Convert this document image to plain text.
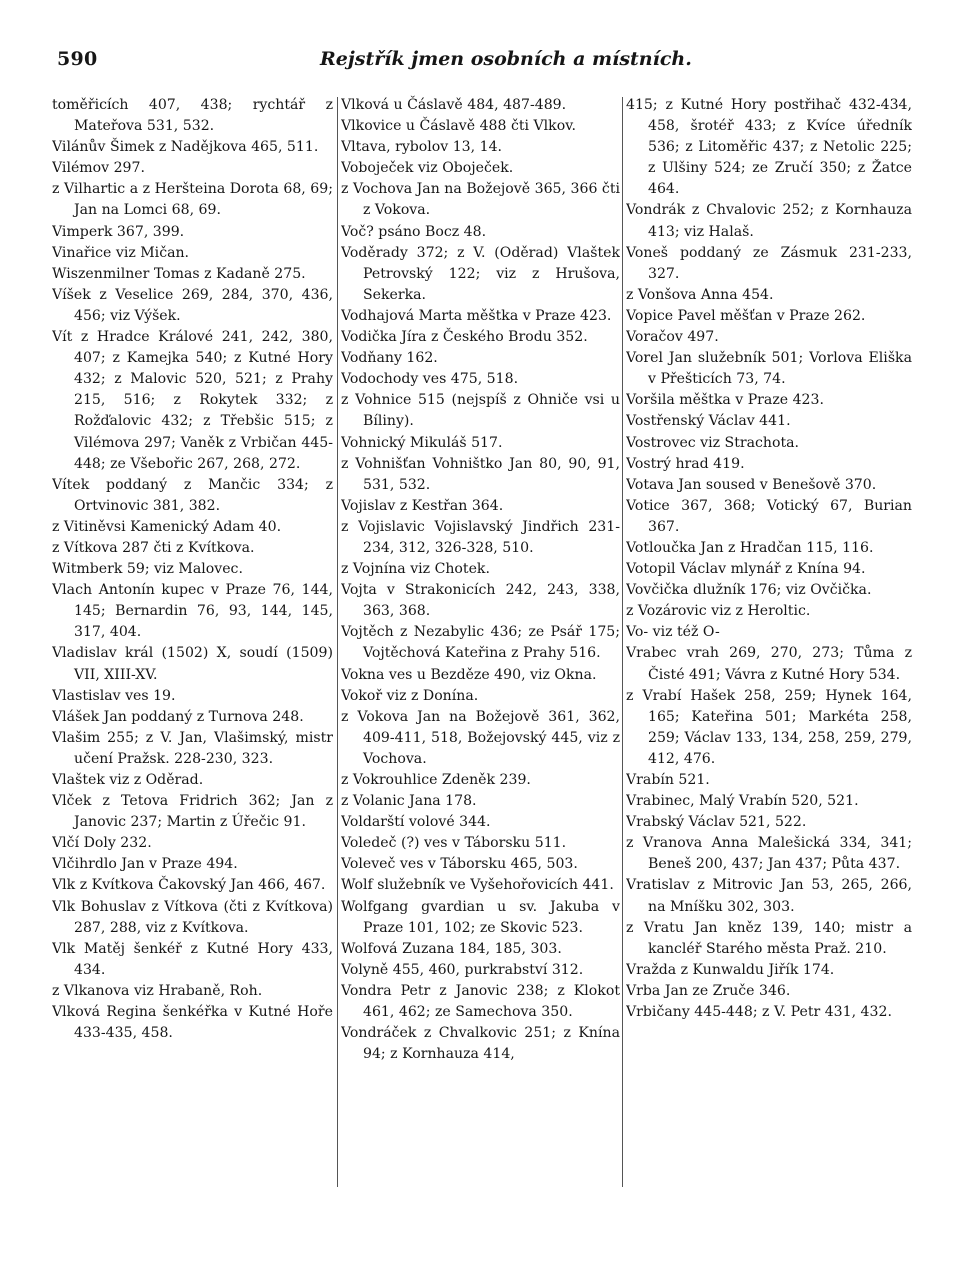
590	Rejstřík jmen osobních a místních.

toměřicích 407, 438; rychtář z Mateřova 531, 532.

Vilánův Šimek z Nadějkova 465, 511.

Vilémov 297.

z Vilhartic a z Heršteina Dorota 68, 69; Jan na Lomci 68, 69.

Vimperk 367, 399.

Vinařice viz Mičan.

Wiszenmilner Tomas z Kadaně 275.

Víšek z Veselice 269, 284, 370, 436, 456; viz Výšek.

Vít z Hradce Králové 241, 242, 380, 407; z Kamejka 540; z Kutné Hory 432; z Malovic 520, 521; z Prahy 215, 516; z Rokytek 332; z Rožďalovic 432; z Třebšic 515; z Vilémova 297; Vaněk z Vrbičan 445-448; ze Všebořic 267, 268, 272.

Vítek poddaný z Mančic 334; z Ortvinovic 381, 382.

z Vitiněvsi Kamenický Adam 40.

z Vítkova 287 čti z Kvítkova.

Witmberk 59; viz Malovec.

Vlach Antonín kupec v Praze 76, 144, 145; Bernardin 76, 93, 144, 145, 317, 404.

Vladislav král (1502) X, soudí (1509) VII, XIII-XV.

Vlastislav ves 19.

Vlášek Jan poddaný z Turnova 248.

Vlašim 255; z V. Jan, Vlašimský, mistr učení Pražsk. 228-230, 323.

Vlaštek viz z Oděrad.

Vlček z Tetova Fridrich 362; Jan z Janovic 237; Martin z Úřečic 91.

Vlčí Doly 232.

Vlčihrdlo Jan v Praze 494.

Vlk z Kvítkova Čakovský Jan 466, 467.

Vlk Bohuslav z Vítkova (čti z Kvítkova) 287, 288, viz z Kvítkova.

Vlk Matěj šenkéř z Kutné Hory 433, 434.

z Vlkanova viz Hrabaně, Roh.

Vlková Regina šenkéřka v Kutné Hoře 433-435, 458.

Vlková u Čáslavě 484, 487-489.

Vlkovice u Čáslavě 488 čti Vlkov.

Vltava, rybolov 13, 14.

Voboječek viz Oboječek.

z Vochova Jan na Božejově 365, 366 čti z Vokova.

Voč? psáno Bocz 48.

Voděrady 372; z V. (Oděrad) Vlaštek Petrovský 122; viz z Hrušova, Sekerka.

Vodhajová Marta měštka v Praze 423.

Vodička Jíra z Českého Brodu 352.

Vodňany 162.

Vodochody ves 475, 518.

z Vohnice 515 (nejspíš z Ohniče vsi u Bíliny).

Vohnický Mikuláš 517.

z Vohnišťan Vohništko Jan 80, 90, 91, 531, 532.

Vojislav z Kestřan 364.

z Vojislavic Vojislavský Jindřich 231-234, 312, 326-328, 510.

z Vojnína viz Chotek.

Vojta v Strakonicích 242, 243, 338, 363, 368.

Vojtěch z Nezabylic 436; ze Psář 175; Vojtěchová Kateřina z Prahy 516.

Vokna ves u Bezděze 490, viz Okna.

Vokoř viz z Donína.

z Vokova Jan na Božejově 361, 362, 409-411, 518, Božejovský 445, viz z Vochova.

z Vokrouhlice Zdeněk 239.

z Volanic Jana 178.

Voldarští volové 344.

Voledeč (?) ves v Táborsku 511.

Voleveč ves v Táborsku 465, 503.

Wolf služebník ve Vyšehořovicích 441.

Wolfgang gvardian u sv. Jakuba v Praze 101, 102; ze Skovic 523.

Wolfová Zuzana 184, 185, 303.

Volyně 455, 460, purkrabství 312.

Vondra Petr z Janovic 238; z Klokot 461, 462; ze Samechova 350.

Vondráček z Chvalkovic 251; z Knína 94; z Kornhauza 414,

415; z Kutné Hory postřihač 432-434, 458, šrotéř 433; z Kvíce úředník 536; z Litoměřic 437; z Netolic 225; z Ulšiny 524; ze Zručí 350; z Žatce 464.

Vondrák z Chvalovic 252; z Kornhauza 413; viz Halaš.

Voneš poddaný ze Zásmuk 231-233, 327.

z Vonšova Anna 454.

Vopice Pavel měšťan v Praze 262.

Voračov 497.

Vorel Jan služebník 501; Vorlova Eliška v Přešticích 73, 74.

Voršila měštka v Praze 423.

Vostřenský Václav 441.

Vostrovec viz Strachota.

Vostrý hrad 419.

Votava Jan soused v Benešově 370.

Votice 367, 368; Votický 67, Burian 367.

Votloučka Jan z Hradčan 115, 116.

Votopil Václav mlynář z Knína 94.

Vovčička dlužník 176; viz Ovčička.

z Vozárovic viz z Heroltic.

Vo- viz též O-

Vrabec vrah 269, 270, 273; Tůma z Čisté 491; Vávra z Kutné Hory 534.

z Vrabí Hašek 258, 259; Hynek 164, 165; Kateřina 501; Markéta 258, 259; Václav 133, 134, 258, 259, 279, 412, 476.

Vrabín 521.

Vrabinec, Malý Vrabín 520, 521.

Vrabský Václav 521, 522.

z Vranova Anna Malešická 334, 341; Beneš 200, 437; Jan 437; Půta 437.

Vratislav z Mitrovic Jan 53, 265, 266, na Mníšku 302, 303.

z Vratu Jan kněz 139, 140; mistr a kancléř Starého města Praž. 210.

Vražda z Kunwaldu Jiřík 174.

Vrba Jan ze Zruče 346.

Vrbičany 445-448; z V. Petr 431, 432.
